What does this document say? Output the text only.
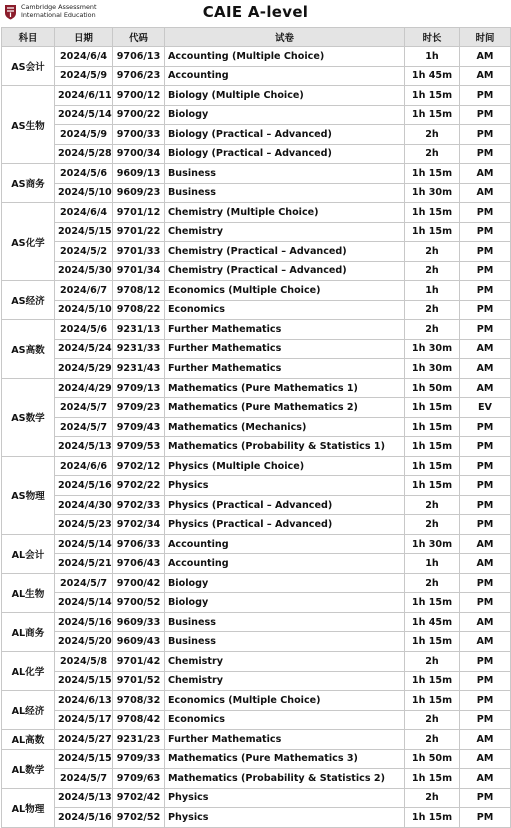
Cambridge Assessment
International Education	CAIE A-level
科目	日期	代码	试卷	时长	时间
AS会计	2024/6/4	9706/13	Accounting (Multiple Choice)	1h	AM
	2024/5/9	9706/23	Accounting	1h 45m	AM
AS生物	2024/6/11	9700/12	Biology (Multiple Choice)	1h 15m	PM
	2024/5/14	9700/22	Biology	1h 15m	PM
	2024/5/9	9700/33	Biology (Practical – Advanced)	2h	PM
	2024/5/28	9700/34	Biology (Practical – Advanced)	2h	PM
AS商务	2024/5/6	9609/13	Business	1h 15m	AM
	2024/5/10	9609/23	Business	1h 30m	AM
AS化学	2024/6/4	9701/12	Chemistry (Multiple Choice)	1h 15m	PM
	2024/5/15	9701/22	Chemistry	1h 15m	PM
	2024/5/2	9701/33	Chemistry (Practical – Advanced)	2h	PM
	2024/5/30	9701/34	Chemistry (Practical – Advanced)	2h	PM
AS经济	2024/6/7	9708/12	Economics (Multiple Choice)	1h	PM
	2024/5/10	9708/22	Economics	2h	PM
AS高数	2024/5/6	9231/13	Further Mathematics	2h	PM
	2024/5/24	9231/33	Further Mathematics	1h 30m	AM
	2024/5/29	9231/43	Further Mathematics	1h 30m	AM
AS数学	2024/4/29	9709/13	Mathematics (Pure Mathematics 1)	1h 50m	AM
	2024/5/7	9709/23	Mathematics (Pure Mathematics 2)	1h 15m	EV
	2024/5/7	9709/43	Mathematics (Mechanics)	1h 15m	PM
	2024/5/13	9709/53	Mathematics (Probability & Statistics 1)	1h 15m	PM
AS物理	2024/6/6	9702/12	Physics (Multiple Choice)	1h 15m	PM
	2024/5/16	9702/22	Physics	1h 15m	PM
	2024/4/30	9702/33	Physics (Practical – Advanced)	2h	PM
	2024/5/23	9702/34	Physics (Practical – Advanced)	2h	PM
AL会计	2024/5/14	9706/33	Accounting	1h 30m	AM
	2024/5/21	9706/43	Accounting	1h	AM
AL生物	2024/5/7	9700/42	Biology	2h	PM
	2024/5/14	9700/52	Biology	1h 15m	PM
AL商务	2024/5/16	9609/33	Business	1h 45m	AM
	2024/5/20	9609/43	Business	1h 15m	AM
AL化学	2024/5/8	9701/42	Chemistry	2h	PM
	2024/5/15	9701/52	Chemistry	1h 15m	PM
AL经济	2024/6/13	9708/32	Economics (Multiple Choice)	1h 15m	PM
	2024/5/17	9708/42	Economics	2h	PM
AL高数	2024/5/27	9231/23	Further Mathematics	2h	AM
AL数学	2024/5/15	9709/33	Mathematics (Pure Mathematics 3)	1h 50m	AM
	2024/5/7	9709/63	Mathematics (Probability & Statistics 2)	1h 15m	AM
AL物理	2024/5/13	9702/42	Physics	2h	PM
	2024/5/16	9702/52	Physics	1h 15m	PM
